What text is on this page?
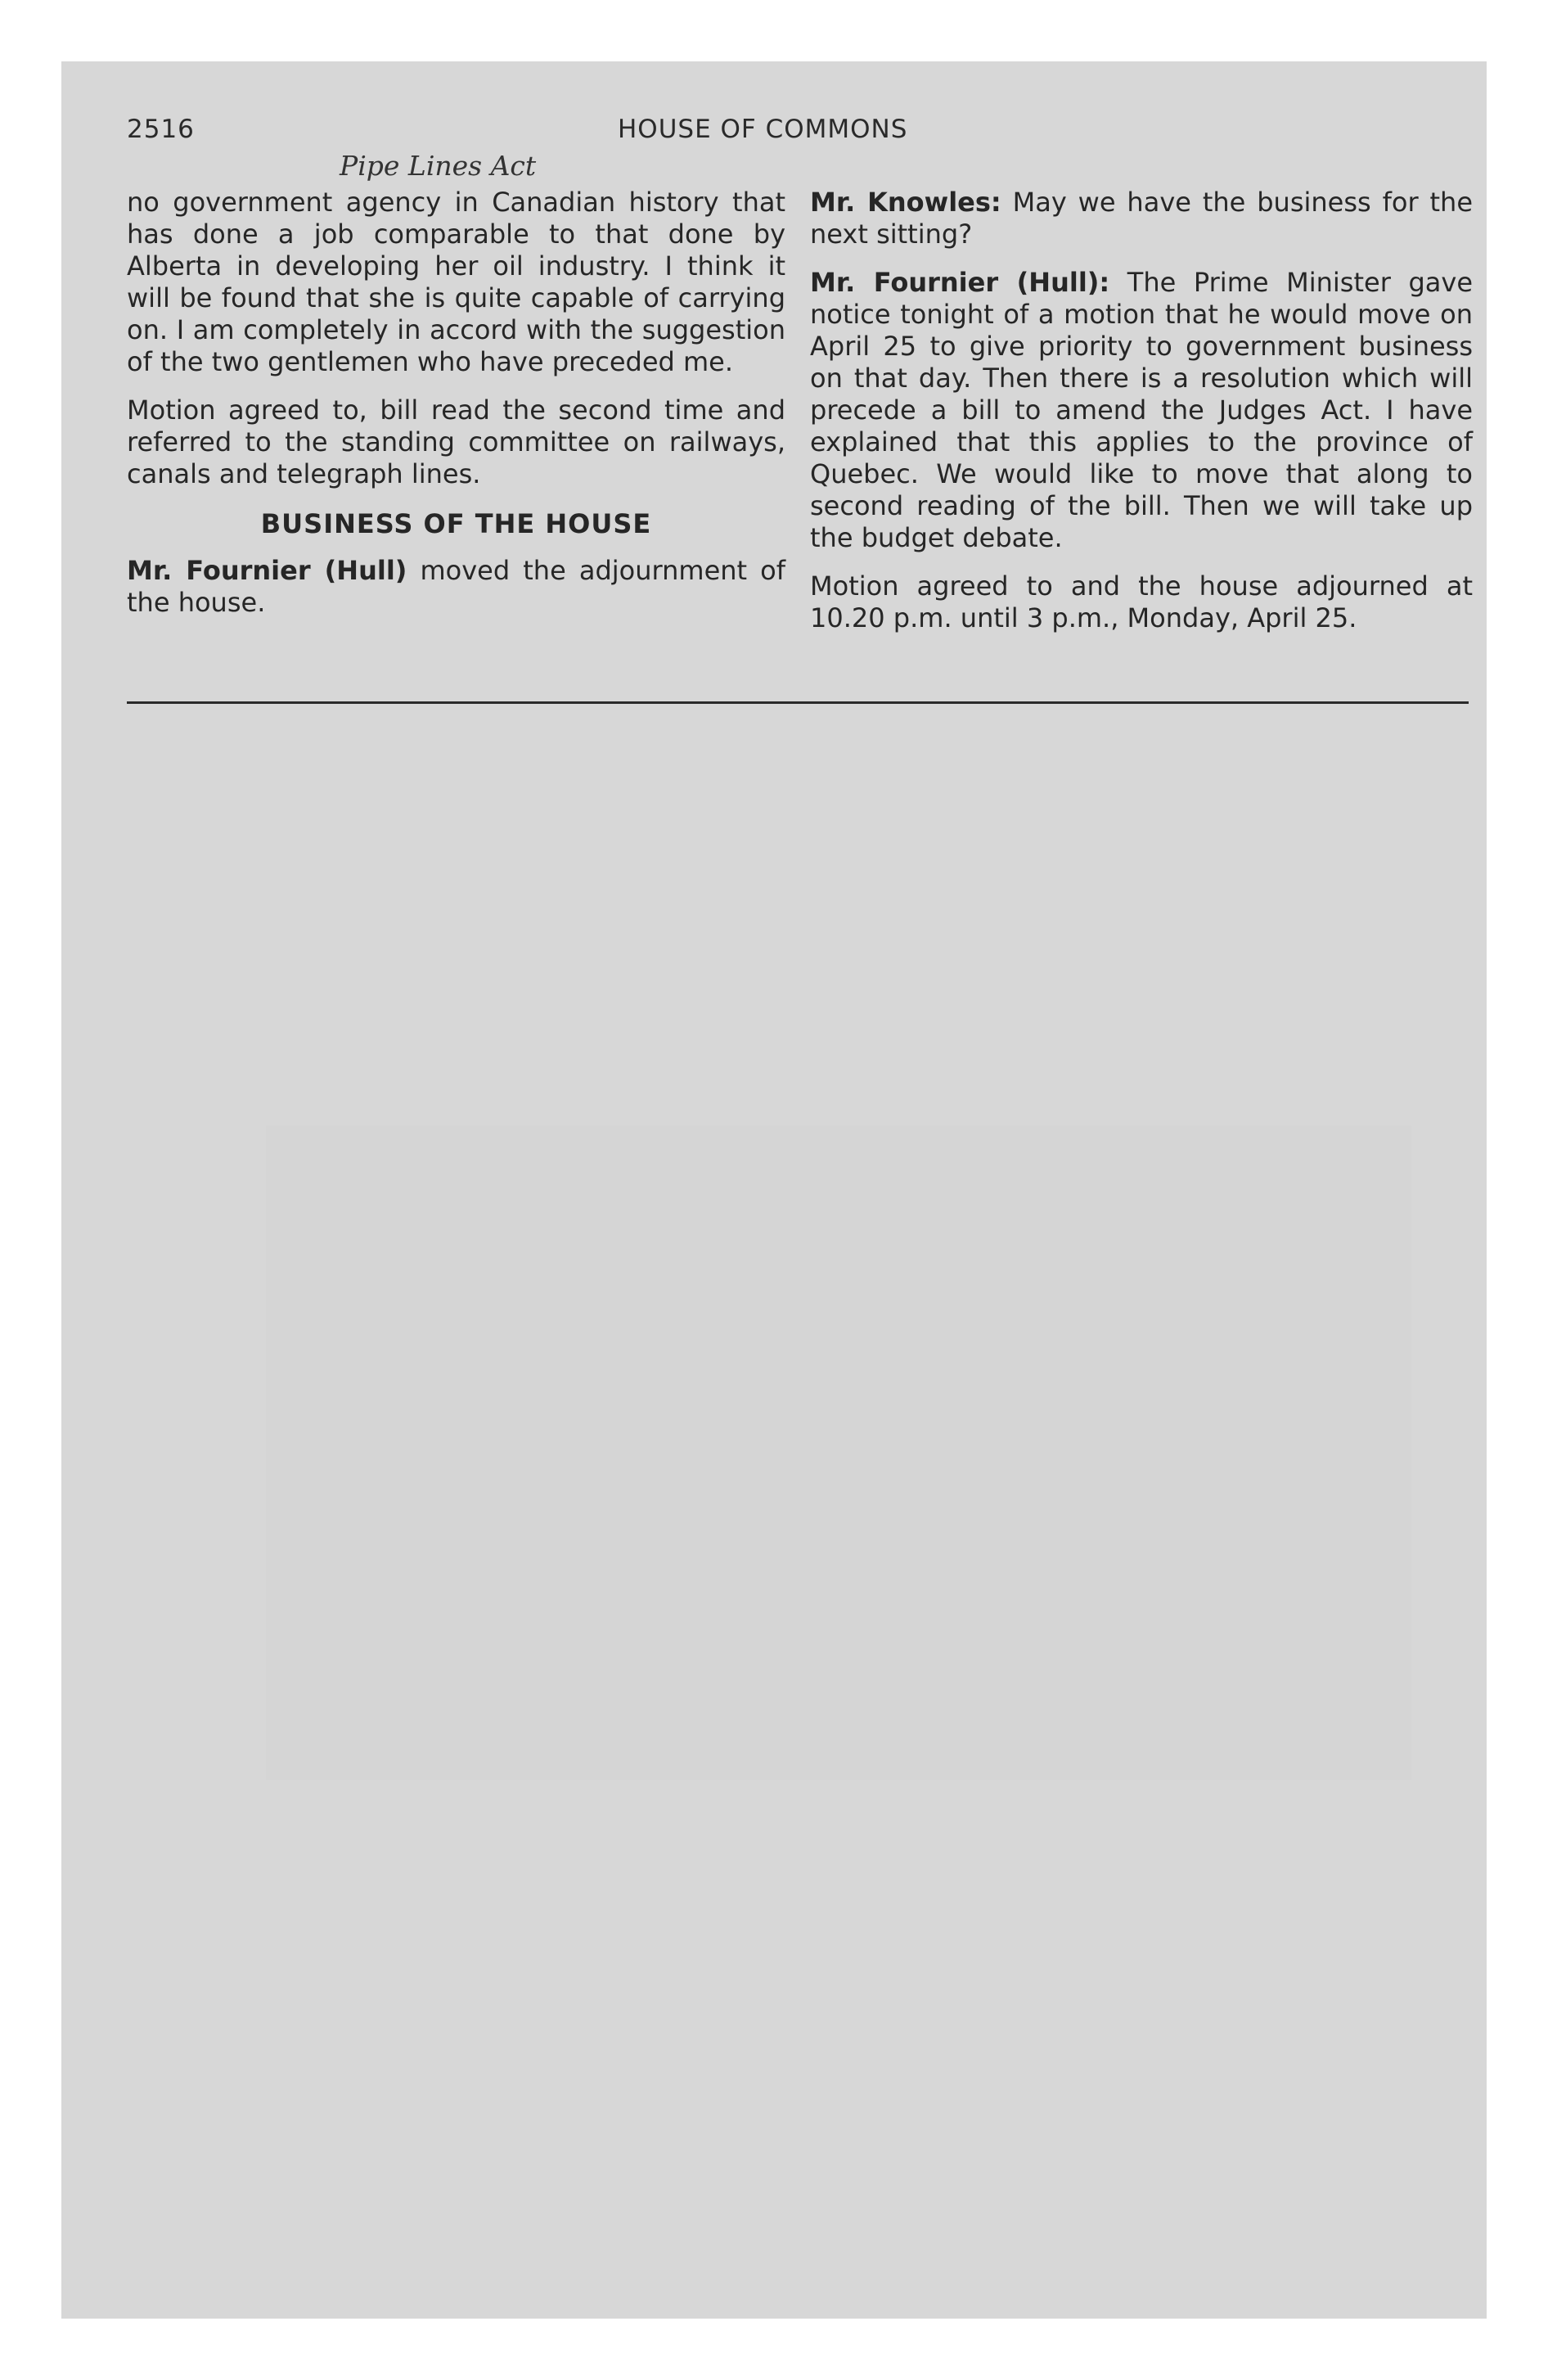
2516	HOUSE OF COMMONS
Pipe Lines Act

no government agency in Canadian history that has done a job comparable to that done by Alberta in developing her oil industry. I think it will be found that she is quite capable of carrying on. I am completely in accord with the suggestion of the two gentlemen who have preceded me.

Motion agreed to, bill read the second time and referred to the standing committee on railways, canals and telegraph lines.

BUSINESS OF THE HOUSE

Mr. Fournier (Hull) moved the adjournment of the house.

Mr. Knowles: May we have the business for the next sitting?

Mr. Fournier (Hull): The Prime Minister gave notice tonight of a motion that he would move on April 25 to give priority to government business on that day. Then there is a resolution which will precede a bill to amend the Judges Act. I have explained that this applies to the province of Quebec. We would like to move that along to second reading of the bill. Then we will take up the budget debate.

Motion agreed to and the house adjourned at 10.20 p.m. until 3 p.m., Monday, April 25.
